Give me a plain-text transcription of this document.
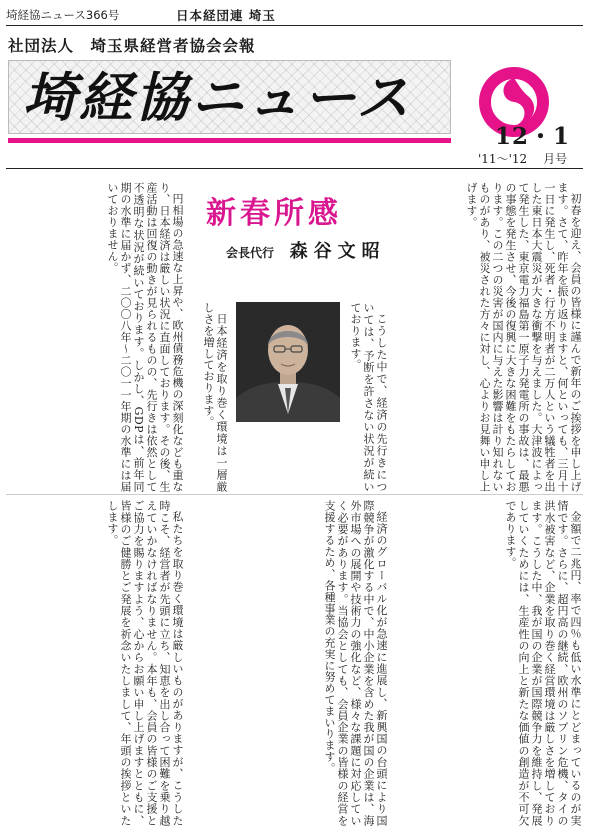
埼経協ニュース366号	日本経団連 埼玉
社団法人　埼玉県経営者協会会報
埼経協ニュース
12・1
'11～'12 月号
新春所感
会長代行 森谷文昭	初春を迎え、会員の皆様に謹んで新年のご挨拶を申し上げます。さて、昨年を振り返りますと、何といっても、三月十一日に発生し、死者・行方不明者が二万人という犠牲者を出した東日本大震災が大きな衝撃を与えました。大津波によって発生した、東京電力福島第一原子力発電所の事故は、最悪の事態を発生させ、今後の復興に大きな困難をもたらしております。この二つの災害が国内に与えた影響は計り知れないものがあり、被災された方々に対し、心よりお見舞い申し上げます。

円相場の急速な上昇や、欧州債務危機の深刻化なども重なり、日本経済は厳しい状況に直面しております。その後、生産活動は回復の動きが見られるものの、先行きは依然として不透明な状況が続いております。しかし、GDPは、前年同期の水準に届かず、二〇〇八年～二〇一一年期の水準には届いておりません。

こうした中で、経済の先行きについては、予断を許さない状況が続いております。

日本経済を取り巻く環境は一層厳しさを増しております。

金額で二兆円、率で四％も低い水準にとどまっているのが実情です。さらに、超円高の継続、欧州のソブリン危機、タイの洪水被害など、企業を取り巻く経営環境は厳しさを増しております。こうした中、我が国の企業が国際競争力を維持し、発展していくためには、生産性の向上と新たな価値の創造が不可欠であります。

経済のグローバル化が急速に進展し、新興国の台頭により国際競争が激化する中で、中小企業を含めた我が国の企業は、海外市場への展開や技術力の強化など、様々な課題に対応していく必要があります。当協会としても、会員企業の皆様の経営を支援するため、各種事業の充実に努めてまいります。

私たちを取り巻く環境は厳しいものがありますが、こうした時こそ、経営者が先頭に立ち、知恵を出し合って困難を乗り越えていかなければなりません。本年も、会員の皆様のご支援とご協力を賜りますよう、心からお願い申し上げますとともに、皆様のご健勝とご発展を祈念いたしまして、年頭の挨拶といたします。
